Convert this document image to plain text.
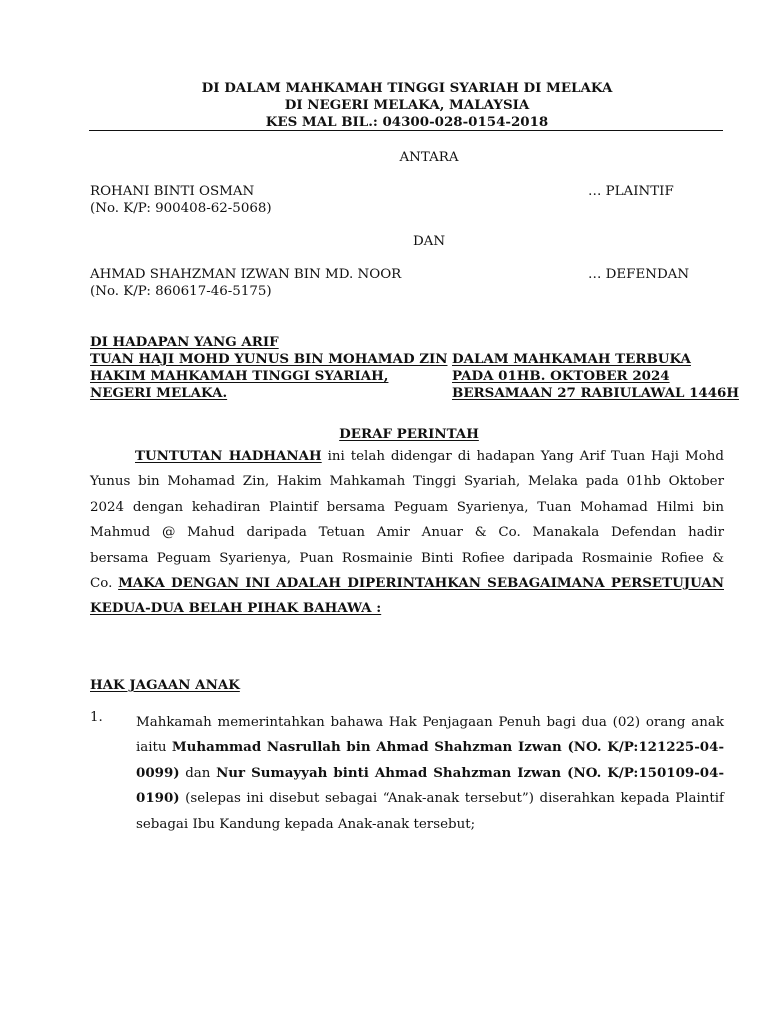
DI DALAM MAHKAMAH TINGGI SYARIAH DI MELAKA
DI NEGERI MELAKA, MALAYSIA
KES MAL BIL.: 04300-028-0154-2018
ANTARA
ROHANI BINTI OSMAN
(No. K/P: 900408-62-5068)
… PLAINTIF
DAN
AHMAD SHAHZMAN IZWAN BIN MD. NOOR
(No. K/P: 860617-46-5175)
… DEFENDAN
DI HADAPAN YANG ARIF
TUAN HAJI MOHD YUNUS BIN MOHAMAD ZIN
HAKIM MAHKAMAH TINGGI SYARIAH,
NEGERI MELAKA.
DALAM MAHKAMAH TERBUKA
PADA 01HB. OKTOBER 2024
BERSAMAAN 27 RABIULAWAL 1446H
DERAF PERINTAH
TUNTUTAN HADHANAH ini telah didengar di hadapan Yang Arif Tuan Haji Mohd
Yunus bin Mohamad Zin, Hakim Mahkamah Tinggi Syariah, Melaka pada 01hb Oktober
2024 dengan kehadiran Plaintif bersama Peguam Syarienya, Tuan Mohamad Hilmi bin
Mahmud @ Mahud daripada Tetuan Amir Anuar & Co. Manakala Defendan hadir
bersama Peguam Syarienya, Puan Rosmainie Binti Rofiee daripada Rosmainie Rofiee &
Co. MAKA DENGAN INI ADALAH DIPERINTAHKAN SEBAGAIMANA PERSETUJUAN
KEDUA-DUA BELAH PIHAK BAHAWA :
HAK JAGAAN ANAK
1. Mahkamah memerintahkan bahawa Hak Penjagaan Penuh bagi dua (02) orang anak
iaitu Muhammad Nasrullah bin Ahmad Shahzman Izwan (NO. K/P:121225-04-
0099) dan Nur Sumayyah binti Ahmad Shahzman Izwan (NO. K/P:150109-04-
0190) (selepas ini disebut sebagai “Anak-anak tersebut”) diserahkan kepada Plaintif
sebagai Ibu Kandung kepada Anak-anak tersebut;
